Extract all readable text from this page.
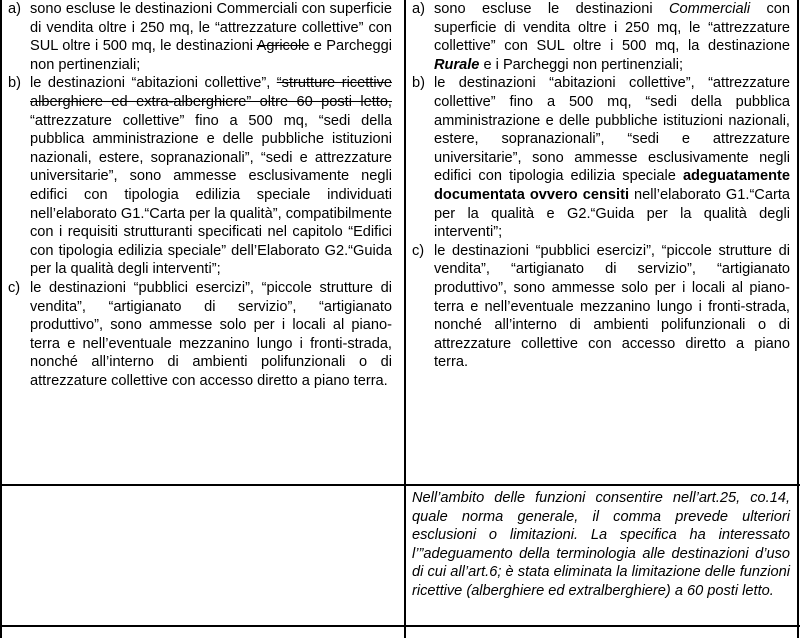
a) sono escluse le destinazioni Commerciali con superficie di vendita oltre i 250 mq, le “attrezzature collettive” con SUL oltre i 500 mq, le destinazioni Agricole e Parcheggi non pertinenziali;
b) le destinazioni “abitazioni collettive”, “strutture ricettive alberghiere ed extra-alberghiere” oltre 60 posti letto, “attrezzature collettive” fino a 500 mq, “sedi della pubblica amministrazione e delle pubbliche istituzioni nazionali, estere, sopranazionali”, “sedi e attrezzature universitarie”, sono ammesse esclusivamente negli edifici con tipologia edilizia speciale individuati nell’elaborato G1.“Carta per la qualità”, compatibilmente con i requisiti strutturanti specificati nel capitolo “Edifici con tipologia edilizia speciale” dell’Elaborato G2.“Guida per la qualità degli interventi”;
c) le destinazioni “pubblici esercizi”, “piccole strutture di vendita”, “artigianato di servizio”, “artigianato produttivo”, sono ammesse solo per i locali al piano-terra e nell’eventuale mezzanino lungo i fronti-strada, nonché all’interno di ambienti polifunzionali o di attrezzature collettive con accesso diretto a piano terra.
a) sono escluse le destinazioni Commerciali con superficie di vendita oltre i 250 mq, le “attrezzature collettive” con SUL oltre i 500 mq, la destinazione Rurale e i Parcheggi non pertinenziali;
b) le destinazioni “abitazioni collettive”, “attrezzature collettive” fino a 500 mq, “sedi della pubblica amministrazione e delle pubbliche istituzioni nazionali, estere, sopranazionali”, “sedi e attrezzature universitarie”, sono ammesse esclusivamente negli edifici con tipologia edilizia speciale adeguatamente documentata ovvero censiti nell’elaborato G1.“Carta per la qualità e G2.“Guida per la qualità degli interventi”;
c) le destinazioni “pubblici esercizi”, “piccole strutture di vendita”, “artigianato di servizio”, “artigianato produttivo”, sono ammesse solo per i locali al piano-terra e nell’eventuale mezzanino lungo i fronti-strada, nonché all’interno di ambienti polifunzionali o di attrezzature collettive con accesso diretto a piano terra.
Nell’ambito delle funzioni consentire nell’art.25, co.14, quale norma generale, il comma prevede ulteriori esclusioni o limitazioni. La specifica ha interessato l’”adeguamento della terminologia alle destinazioni d’uso di cui all’art.6; è stata eliminata la limitazione delle funzioni ricettive (alberghiere ed extralberghiere) a 60 posti letto.
